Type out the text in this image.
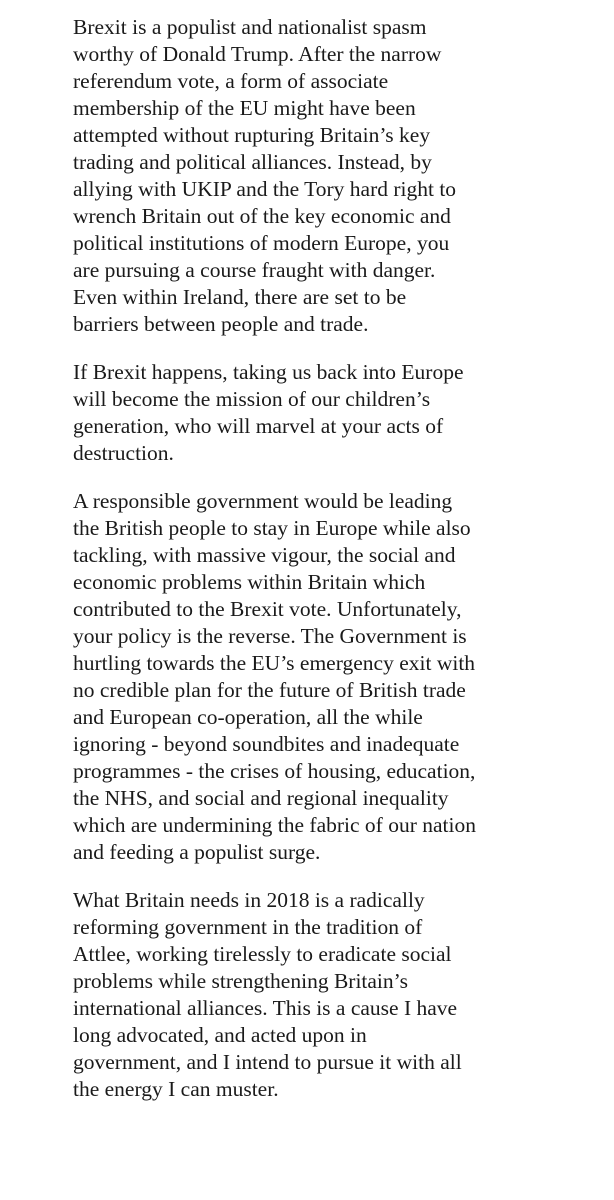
Brexit is a populist and nationalist spasm
worthy of Donald Trump. After the narrow
referendum vote, a form of associate
membership of the EU might have been
attempted without rupturing Britain’s key
trading and political alliances. Instead, by
allying with UKIP and the Tory hard right to
wrench Britain out of the key economic and
political institutions of modern Europe, you
are pursuing a course fraught with danger.
Even within Ireland, there are set to be
barriers between people and trade.

If Brexit happens, taking us back into Europe
will become the mission of our children’s
generation, who will marvel at your acts of
destruction.

A responsible government would be leading
the British people to stay in Europe while also
tackling, with massive vigour, the social and
economic problems within Britain which
contributed to the Brexit vote. Unfortunately,
your policy is the reverse. The Government is
hurtling towards the EU’s emergency exit with
no credible plan for the future of British trade
and European co-operation, all the while
ignoring - beyond soundbites and inadequate
programmes - the crises of housing, education,
the NHS, and social and regional inequality
which are undermining the fabric of our nation
and feeding a populist surge.

What Britain needs in 2018 is a radically
reforming government in the tradition of
Attlee, working tirelessly to eradicate social
problems while strengthening Britain’s
international alliances. This is a cause I have
long advocated, and acted upon in
government, and I intend to pursue it with all
the energy I can muster.
